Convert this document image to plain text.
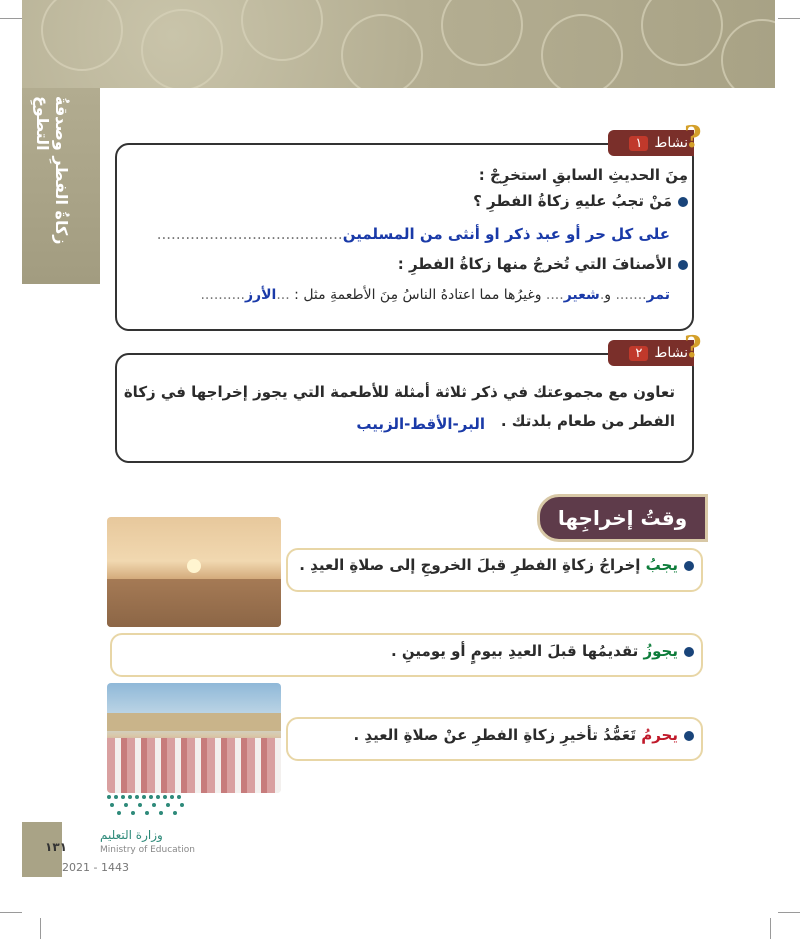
زكاةُ الفطرِ وصدقةُ التطوعِ	نشاط
١ ?
مِنَ الحديثِ السابقِ استخرِجْ :
مَنْ تجبُ عليهِ زكاةُ الفطرِ ؟
على كل حر أو عبد ذكر او أنثى من المسلمين.......................................
الأصنافَ التي تُخرجُ منها زكاةُ الفطرِ :
تمر....... و.شعير.... وغيرُها مما اعتادهُ الناسُ مِنَ الأطعمةِ مثل : ...الأرز..........
نشاط
٢ ?
تعاون مع مجموعتك في ذكر ثلاثة أمثلة للأطعمة التي يجوز إخراجها في زكاة
الفطر من طعام بلدتك .
البر-الأقط-الزبيب
وقتُ إخراجِها
يجبُ إخراجُ زكاةِ الفطرِ قبلَ الخروجِ إلى صلاةِ العيدِ .
يجوزُ تقديمُها قبلَ العيدِ بيومٍ أو يومينِ .
يحرمُ تَعَمُّدُ تأخيرِ زكاةِ الفطرِ عنْ صلاةِ العيدِ .
وزارة التعليم
Ministry of Education
١٣١
2021 - 1443
